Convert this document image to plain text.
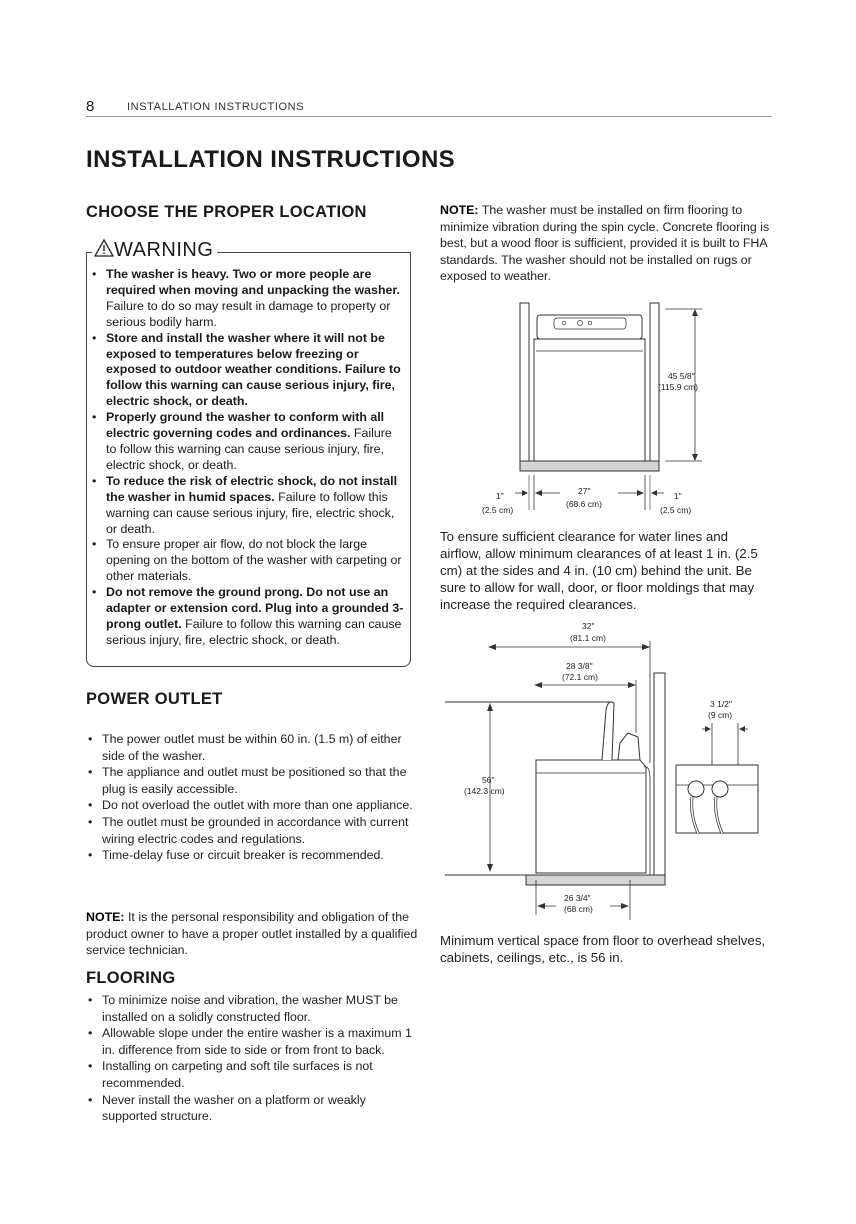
8	INSTALLATION INSTRUCTIONS
INSTALLATION INSTRUCTIONS
CHOOSE THE PROPER LOCATION
WARNING
• The washer is heavy. Two or more people are required when moving and unpacking the washer. Failure to do so may result in damage to property or serious bodily harm.
• Store and install the washer where it will not be exposed to temperatures below freezing or exposed to outdoor weather conditions. Failure to follow this warning can cause serious injury, fire, electric shock, or death.
• Properly ground the washer to conform with all electric governing codes and ordinances. Failure to follow this warning can cause serious injury, fire, electric shock, or death.
• To reduce the risk of electric shock, do not install the washer in humid spaces. Failure to follow this warning can cause serious injury, fire, electric shock, or death.
• To ensure proper air flow, do not block the large opening on the bottom of the washer with carpeting or other materials.
• Do not remove the ground prong. Do not use an adapter or extension cord. Plug into a grounded 3-prong outlet. Failure to follow this warning can cause serious injury, fire, electric shock, or death.
POWER OUTLET
• The power outlet must be within 60 in. (1.5 m) of either side of the washer.
• The appliance and outlet must be positioned so that the plug is easily accessible.
• Do not overload the outlet with more than one appliance.
• The outlet must be grounded in accordance with current wiring electric codes and regulations.
• Time-delay fuse or circuit breaker is recommended.
NOTE: It is the personal responsibility and obligation of the product owner to have a proper outlet installed by a qualified service technician.
FLOORING
• To minimize noise and vibration, the washer MUST be installed on a solidly constructed floor.
• Allowable slope under the entire washer is a maximum 1 in. difference from side to side or from front to back.
• Installing on carpeting and soft tile surfaces is not recommended.
• Never install the washer on a platform or weakly supported structure.
NOTE: The washer must be installed on firm flooring to minimize vibration during the spin cycle. Concrete flooring is best, but a wood floor is sufficient, provided it is built to FHA standards. The washer should not be installed on rugs or exposed to weather.
45 5/8"
(115.9 cm)
27"
(68.6 cm)
1"
(2.5 cm)
1"
(2.5 cm)
To ensure sufficient clearance for water lines and airflow, allow minimum clearances of at least 1 in. (2.5 cm) at the sides and 4 in. (10 cm) behind the unit. Be sure to allow for wall, door, or floor moldings that may increase the required clearances.
32"
(81.1 cm)
28 3/8"
(72.1 cm)
56"
(142.3 cm)
26 3/4"
(68 cm)
3 1/2"
(9 cm)
Minimum vertical space from floor to overhead shelves, cabinets, ceilings, etc., is 56 in.
